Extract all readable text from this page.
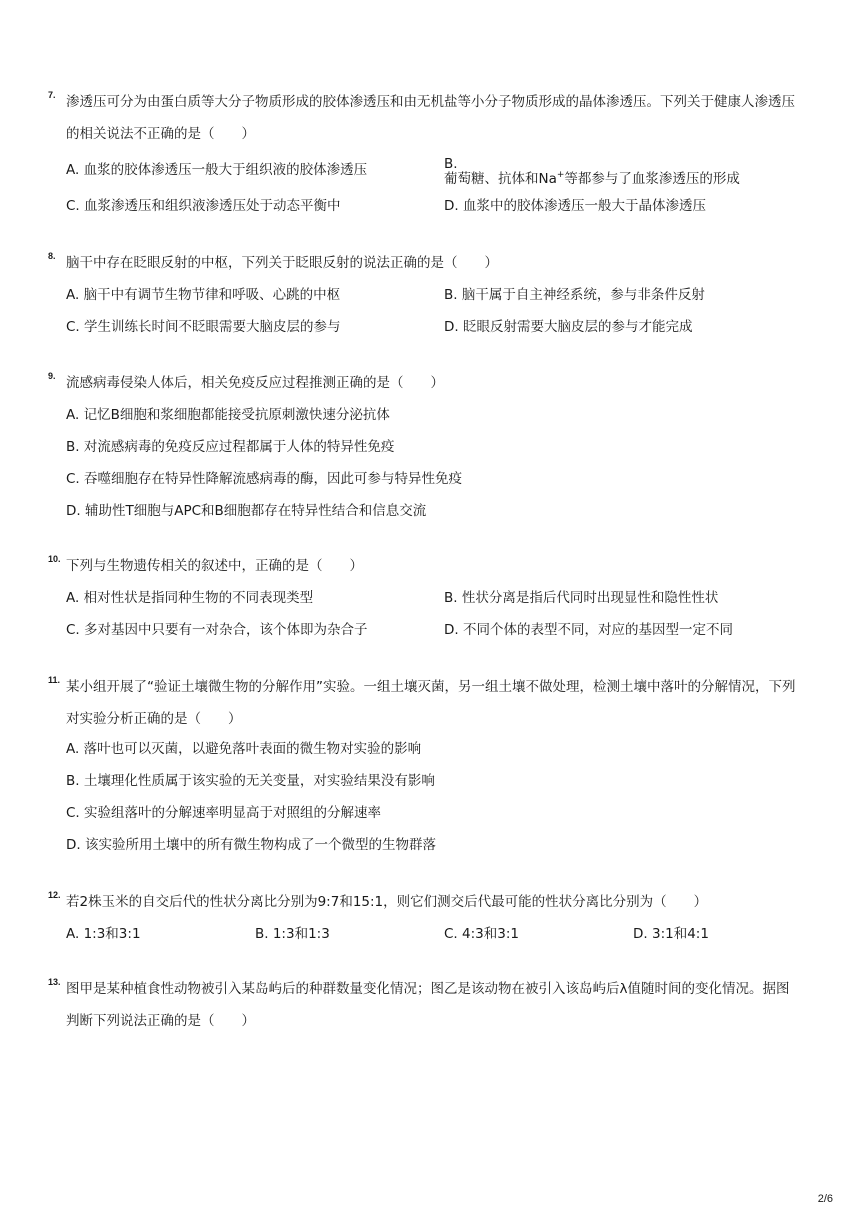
7. 渗透压可分为由蛋白质等大分子物质形成的胶体渗透压和由无机盐等小分子物质形成的晶体渗透压。下列关于健康人渗透压
的相关说法不正确的是（　　）
A. 血浆的胶体渗透压一般大于组织液的胶体渗透压	B.
葡萄糖、抗体和Na+等都参与了血浆渗透压的形成
C. 血浆渗透压和组织液渗透压处于动态平衡中	D. 血浆中的胶体渗透压一般大于晶体渗透压
8. 脑干中存在眨眼反射的中枢，下列关于眨眼反射的说法正确的是（　　）
A. 脑干中有调节生物节律和呼吸、心跳的中枢	B. 脑干属于自主神经系统，参与非条件反射
C. 学生训练长时间不眨眼需要大脑皮层的参与	D. 眨眼反射需要大脑皮层的参与才能完成
9. 流感病毒侵染人体后，相关免疫反应过程推测正确的是（　　）
A. 记忆B细胞和浆细胞都能接受抗原刺激快速分泌抗体
B. 对流感病毒的免疫反应过程都属于人体的特异性免疫
C. 吞噬细胞存在特异性降解流感病毒的酶，因此可参与特异性免疫
D. 辅助性T细胞与APC和B细胞都存在特异性结合和信息交流
10. 下列与生物遗传相关的叙述中，正确的是（　　）
A. 相对性状是指同种生物的不同表现类型	B. 性状分离是指后代同时出现显性和隐性性状
C. 多对基因中只要有一对杂合，该个体即为杂合子	D. 不同个体的表型不同，对应的基因型一定不同
11. 某小组开展了“验证土壤微生物的分解作用”实验。一组土壤灭菌，另一组土壤不做处理，检测土壤中落叶的分解情况，下列
对实验分析正确的是（　　）
A. 落叶也可以灭菌，以避免落叶表面的微生物对实验的影响
B. 土壤理化性质属于该实验的无关变量，对实验结果没有影响
C. 实验组落叶的分解速率明显高于对照组的分解速率
D. 该实验所用土壤中的所有微生物构成了一个微型的生物群落
12. 若2株玉米的自交后代的性状分离比分别为9:7和15:1，则它们测交后代最可能的性状分离比分别为（　　）
A. 1:3和3:1	B. 1:3和1:3	C. 4:3和3:1	D. 3:1和4:1
13. 图甲是某种植食性动物被引入某岛屿后的种群数量变化情况；图乙是该动物在被引入该岛屿后λ值随时间的变化情况。据图
判断下列说法正确的是（　　）
2/6
